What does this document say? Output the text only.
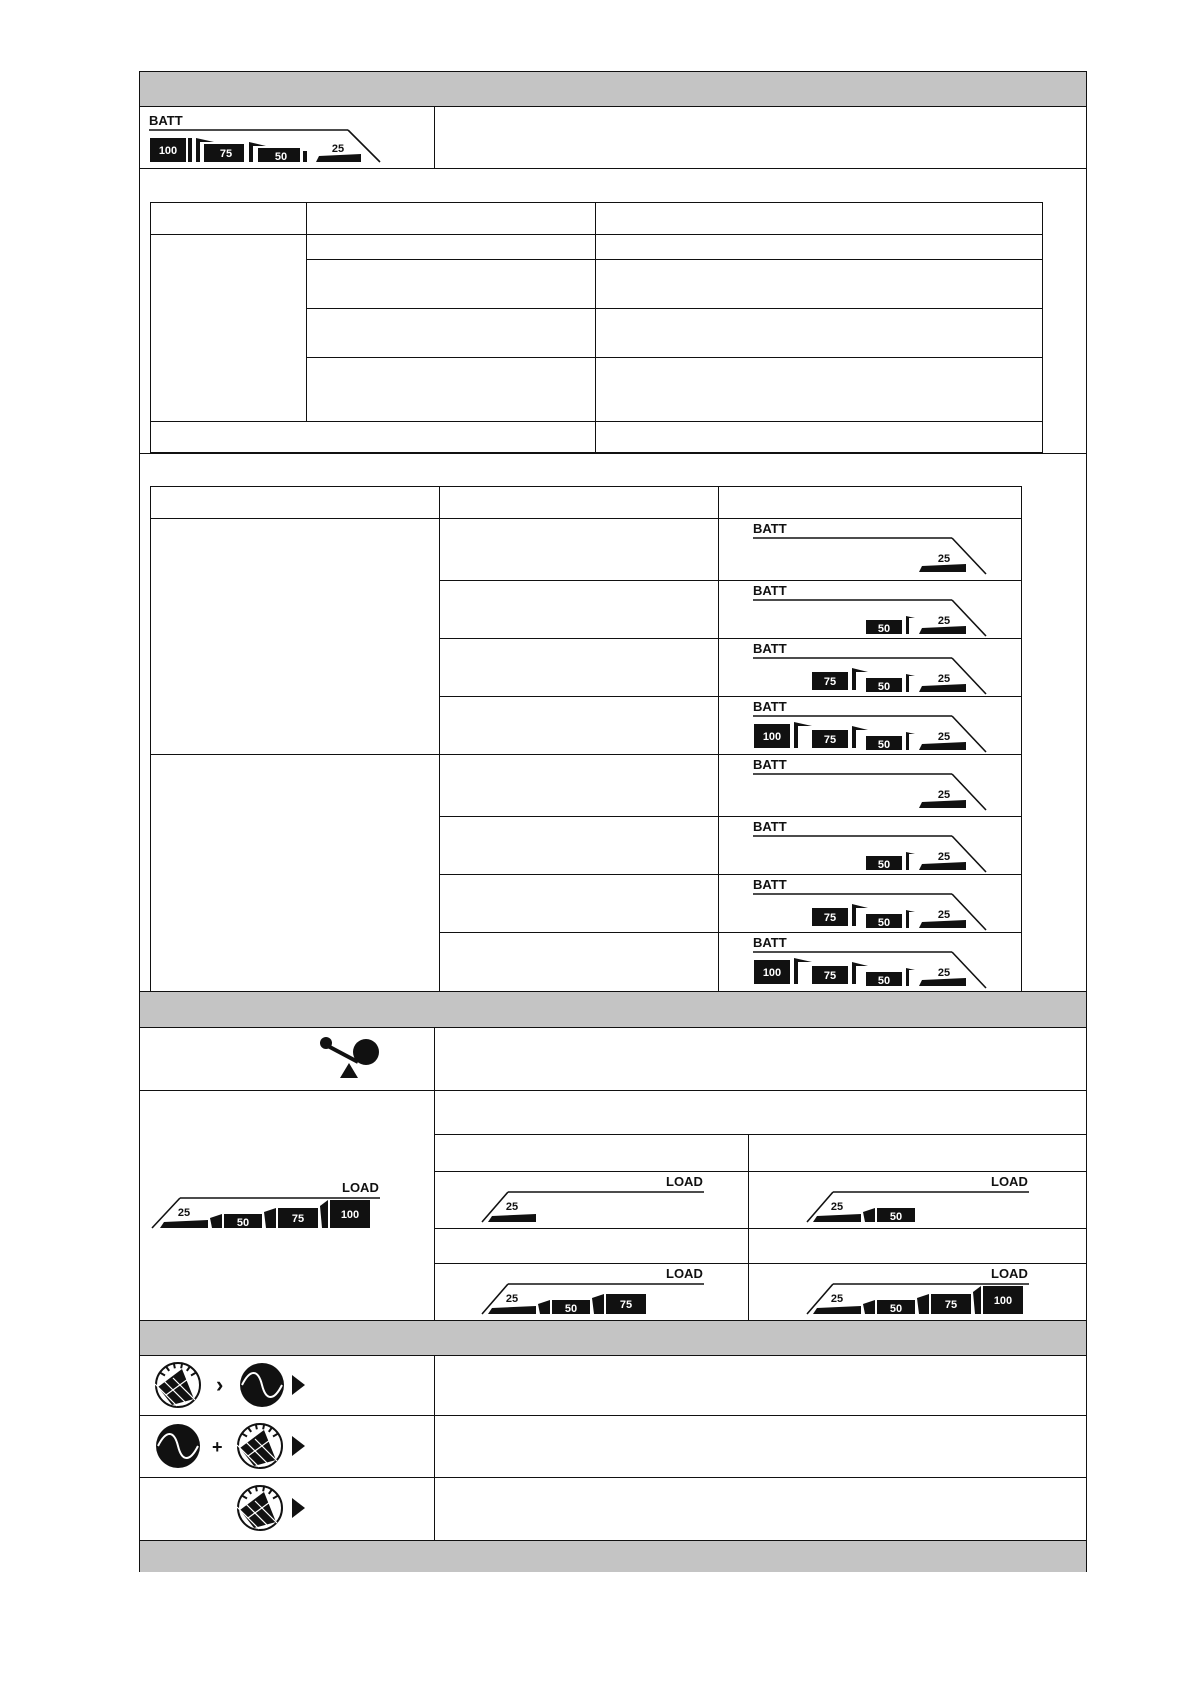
BATT
100	75	50
25
BATT
25
BATT
25
50
BATT
25
50
75
BATT
25
50
75
100
BATT
25
BATT
25
50
BATT
25
50
75
BATT
25
50
75
100
LOAD
25
50	75	100
LOAD
25
LOAD
25
50
LOAD
25
50	75
LOAD
25
50	75	100
›
+
